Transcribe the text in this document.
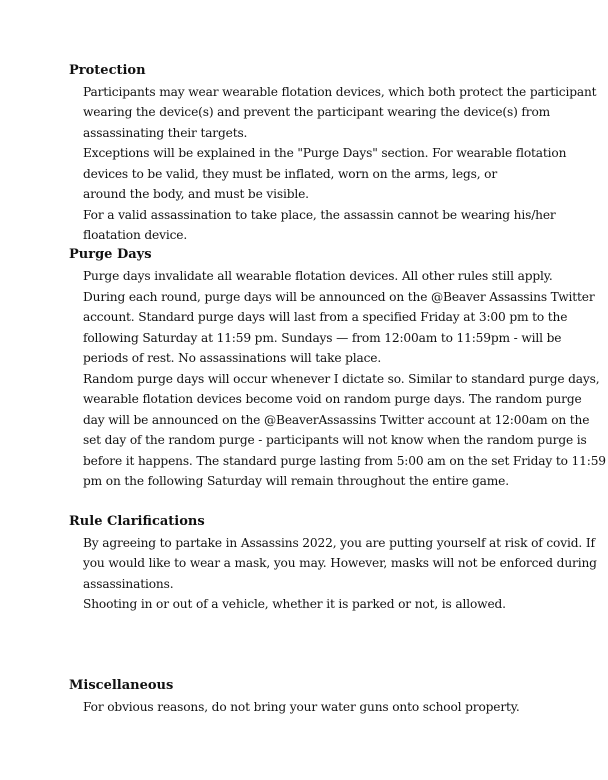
Protection
Participants may wear wearable flotation devices, which both protect the participant
wearing the device(s) and prevent the participant wearing the device(s) from
assassinating their targets.
Exceptions will be explained in the "Purge Days" section. For wearable flotation
devices to be valid, they must be inflated, worn on the arms, legs, or
around the body, and must be visible.
For a valid assassination to take place, the assassin cannot be wearing his/her
floatation device.
Purge Days
Purge days invalidate all wearable flotation devices. All other rules still apply.
During each round, purge days will be announced on the @Beaver Assassins Twitter
account. Standard purge days will last from a specified Friday at 3:00 pm to the
following Saturday at 11:59 pm. Sundays — from 12:00am to 11:59pm - will be
periods of rest. No assassinations will take place.
Random purge days will occur whenever I dictate so. Similar to standard purge days,
wearable flotation devices become void on random purge days. The random purge
day will be announced on the @BeaverAssassins Twitter account at 12:00am on the
set day of the random purge - participants will not know when the random purge is
before it happens. The standard purge lasting from 5:00 am on the set Friday to 11:59
pm on the following Saturday will remain throughout the entire game.
Rule Clarifications
By agreeing to partake in Assassins 2022, you are putting yourself at risk of covid. If
you would like to wear a mask, you may. However, masks will not be enforced during
assassinations.
Shooting in or out of a vehicle, whether it is parked or not, is allowed.
Miscellaneous
For obvious reasons, do not bring your water guns onto school property.
